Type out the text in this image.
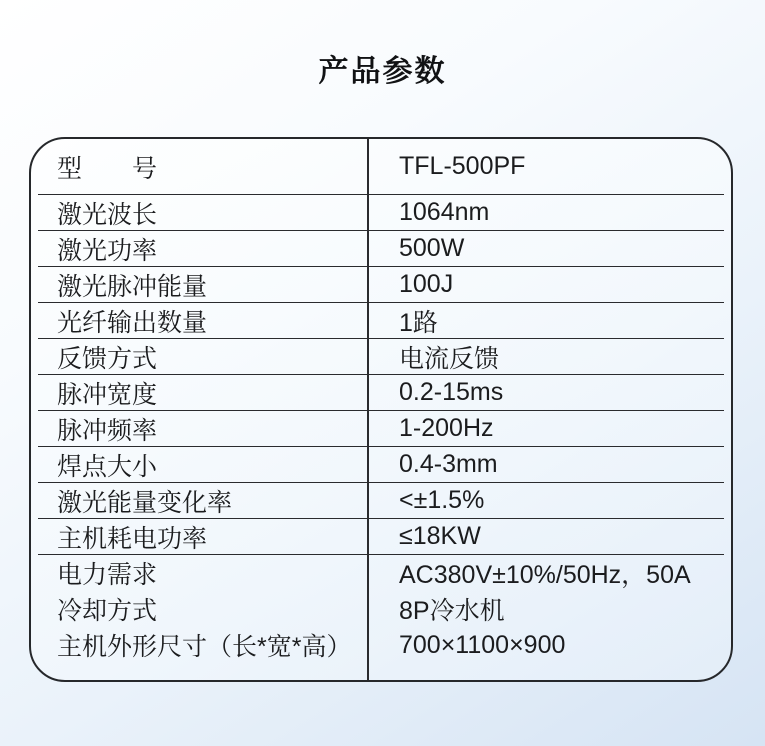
产品参数
型　　号	TFL-500PF
激光波长	1064nm
激光功率	500W
激光脉冲能量	100J
光纤输出数量	1路
反馈方式	电流反馈
脉冲宽度	0.2-15ms
脉冲频率	1-200Hz
焊点大小	0.4-3mm
激光能量变化率	<±1.5%
主机耗电功率	≤18KW
电力需求	AC380V±10%/50Hz，50A
冷却方式	8P冷水机
主机外形尺寸（长*宽*高）	700×1100×900
